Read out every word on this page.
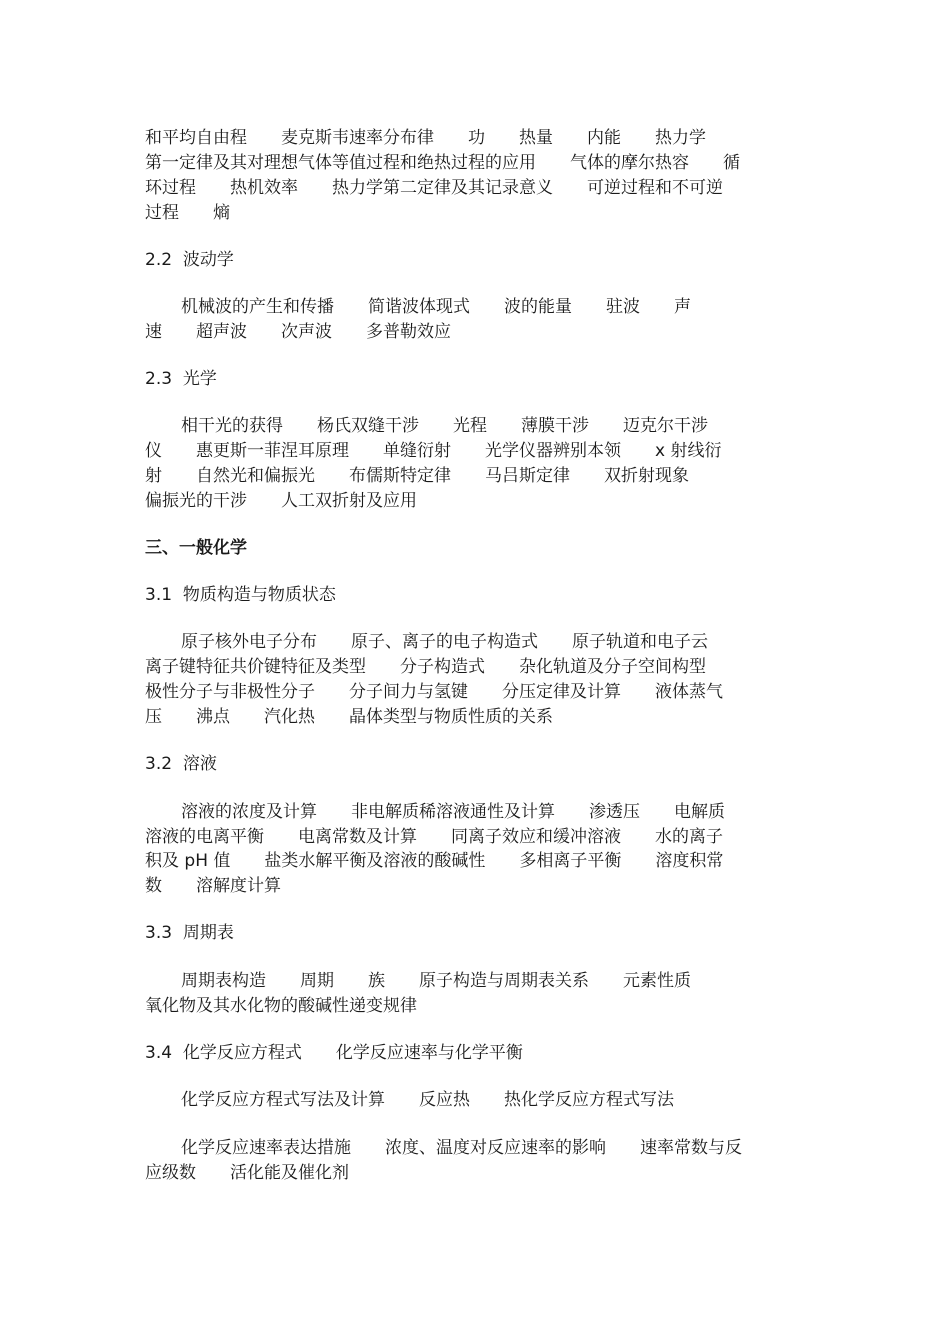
和平均自由程　　麦克斯韦速率分布律　　功　　热量　　内能　　热力学
第一定律及其对理想气体等值过程和绝热过程的应用　　气体的摩尔热容　　循
环过程　　热机效率　　热力学第二定律及其记录意义　　可逆过程和不可逆
过程　　熵
2.2  波动学
机械波的产生和传播　　简谐波体现式　　波的能量　　驻波　　声
速　　超声波　　次声波　　多普勒效应
2.3  光学
相干光的获得　　杨氏双缝干涉　　光程　　薄膜干涉　　迈克尔干涉
仪　　惠更斯一菲涅耳原理　　单缝衍射　　光学仪器辨别本领　　x 射线衍
射　　自然光和偏振光　　布儒斯特定律　　马吕斯定律　　双折射现象
偏振光的干涉　　人工双折射及应用
三、一般化学
3.1  物质构造与物质状态
原子核外电子分布　　原子、离子的电子构造式　　原子轨道和电子云
离子键特征共价键特征及类型　　分子构造式　　杂化轨道及分子空间构型
极性分子与非极性分子　　分子间力与氢键　　分压定律及计算　　液体蒸气
压　　沸点　　汽化热　　晶体类型与物质性质的关系
3.2  溶液
溶液的浓度及计算　　非电解质稀溶液通性及计算　　渗透压　　电解质
溶液的电离平衡　　电离常数及计算　　同离子效应和缓冲溶液　　水的离子
积及 pH 值　　盐类水解平衡及溶液的酸碱性　　多相离子平衡　　溶度积常
数　　溶解度计算
3.3  周期表
周期表构造　　周期　　族　　原子构造与周期表关系　　元素性质
氧化物及其水化物的酸碱性递变规律
3.4  化学反应方程式　　化学反应速率与化学平衡
化学反应方程式写法及计算　　反应热　　热化学反应方程式写法
化学反应速率表达措施　　浓度、温度对反应速率的影响　　速率常数与反
应级数　　活化能及催化剂
